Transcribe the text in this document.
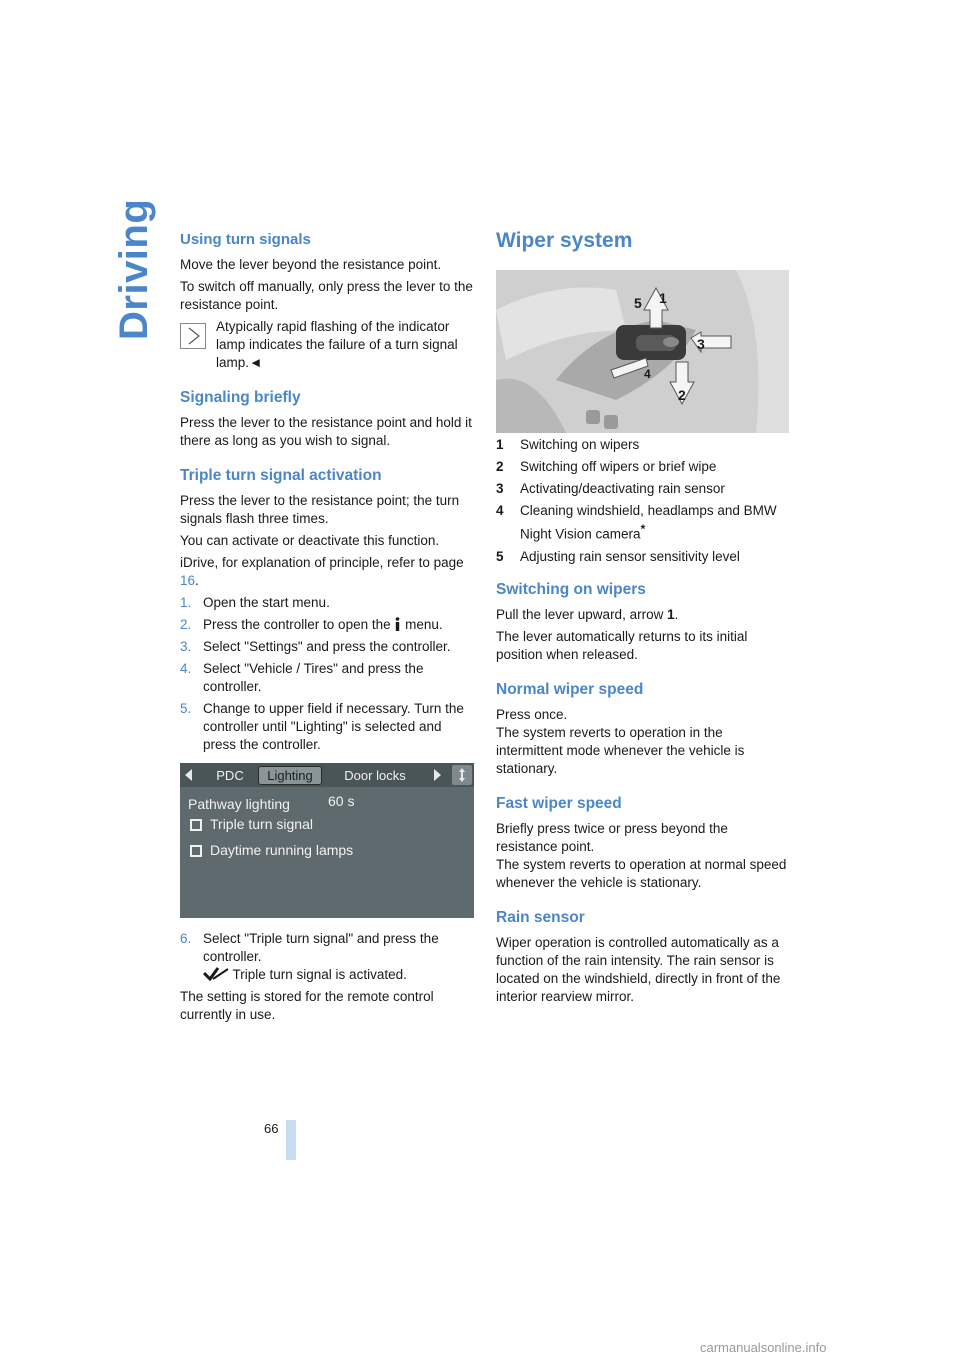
Driving Using turn signals

Move the lever beyond the resistance point.

To switch off manually, only press the lever to the resistance point.

Atypically rapid flashing of the indicator lamp indicates the failure of a turn signal lamp.◄
Signaling briefly

Press the lever to the resistance point and hold it there as long as you wish to signal.

Triple turn signal activation

Press the lever to the resistance point; the turn signals flash three times.

You can activate or deactivate this function.

iDrive, for explanation of principle, refer to page 16.

1. Open the start menu.
2. Press the controller to open the  menu.
3. Select "Settings" and press the controller.
4. Select "Vehicle / Tires" and press the controller.
5. Change to upper field if necessary. Turn the controller until "Lighting" is selected and press the controller.
PDC	Lighting	Door locks
Pathway lighting	60 s
Triple turn signal
Daytime running lamps
6. Select "Triple turn signal" and press the controller.
Triple turn signal is activated.

The setting is stored for the remote control currently in use.

Wiper system
5 1
3
4
2
1 Switching on wipers
2 Switching off wipers or brief wipe
3 Activating/deactivating rain sensor
4 Cleaning windshield, headlamps and BMW Night Vision camera*
5 Adjusting rain sensor sensitivity level
Switching on wipers

Pull the lever upward, arrow 1.

The lever automatically returns to its initial position when released.

Normal wiper speed

Press once.

The system reverts to operation in the intermittent mode whenever the vehicle is stationary.

Fast wiper speed

Briefly press twice or press beyond the resistance point.

The system reverts to operation at normal speed whenever the vehicle is stationary.

Rain sensor

Wiper operation is controlled automatically as a function of the rain intensity. The rain sensor is located on the windshield, directly in front of the interior rearview mirror.

66
carmanualsonline.info
